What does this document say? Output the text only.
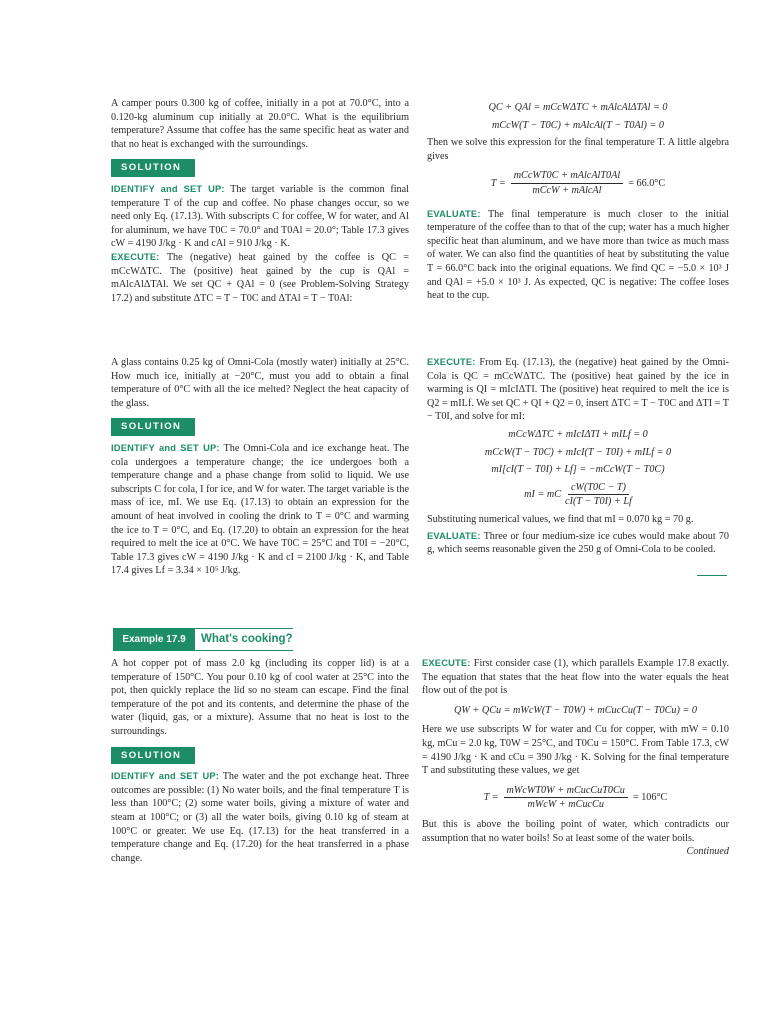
A camper pours 0.300 kg of coffee, initially in a pot at 70.0°C, into a 0.120-kg aluminum cup initially at 20.0°C. What is the equilibrium temperature? Assume that coffee has the same specific heat as water and that no heat is exchanged with the surroundings.

SOLUTION

IDENTIFY and SET UP: The target variable is the common final temperature T of the cup and coffee. No phase changes occur, so we need only Eq. (17.13). With subscripts C for coffee, W for water, and Al for aluminum, we have T0C = 70.0° and T0Al = 20.0°; Table 17.3 gives cW = 4190 J/kg · K and cAl = 910 J/kg · K.

EXECUTE: The (negative) heat gained by the coffee is QC = mCcWΔTC. The (positive) heat gained by the cup is QAl = mAlcAlΔTAl. We set QC + QAl = 0 (see Problem-Solving Strategy 17.2) and substitute ΔTC = T − T0C and ΔTAl = T − T0Al:

QC + QAl = mCcWΔTC + mAlcAlΔTAl = 0
mCcW(T − T0C) + mAlcAl(T − T0Al) = 0

Then we solve this expression for the final temperature T. A little algebra gives

T =
mCcWT0C + mAlcAlT0Al
mCcW + mAlcAl
= 66.0°C

EVALUATE: The final temperature is much closer to the initial temperature of the coffee than to that of the cup; water has a much higher specific heat than aluminum, and we have more than twice as much mass of water. We can also find the quantities of heat by substituting the value T = 66.0°C back into the original equations. We find QC = −5.0 × 10³ J and QAl = +5.0 × 10³ J. As expected, QC is negative: The coffee loses heat to the cup.

A glass contains 0.25 kg of Omni-Cola (mostly water) initially at 25°C. How much ice, initially at −20°C, must you add to obtain a final temperature of 0°C with all the ice melted? Neglect the heat capacity of the glass.

SOLUTION

IDENTIFY and SET UP: The Omni-Cola and ice exchange heat. The cola undergoes a temperature change; the ice undergoes both a temperature change and a phase change from solid to liquid. We use subscripts C for cola, I for ice, and W for water. The target variable is the mass of ice, mI. We use Eq. (17.13) to obtain an expression for the amount of heat involved in cooling the drink to T = 0°C and warming the ice to T = 0°C, and Eq. (17.20) to obtain an expression for the heat required to melt the ice at 0°C. We have T0C = 25°C and T0I = −20°C, Table 17.3 gives cW = 4190 J/kg · K and cI = 2100 J/kg · K, and Table 17.4 gives Lf = 3.34 × 10⁵ J/kg.

EXECUTE: From Eq. (17.13), the (negative) heat gained by the Omni-Cola is QC = mCcWΔTC. The (positive) heat gained by the ice in warming is QI = mIcIΔTI. The (positive) heat required to melt the ice is Q2 = mILf. We set QC + QI + Q2 = 0, insert ΔTC = T − T0C and ΔTI = T − T0I, and solve for mI:

mCcWΔTC + mIcIΔTI + mILf = 0
mCcW(T − T0C) + mIcI(T − T0I) + mILf = 0
mI[cI(T − T0I) + Lf] = −mCcW(T − T0C)
mI = mC $\frac{cW(T0C - T)}{cI(T - T0I) + Lf}$

Substituting numerical values, we find that mI = 0.070 kg = 70 g.

EVALUATE: Three or four medium-size ice cubes would make about 70 g, which seems reasonable given the 250 g of Omni-Cola to be cooled.

Example 17.9	What's cooking?

A hot copper pot of mass 2.0 kg (including its copper lid) is at a temperature of 150°C. You pour 0.10 kg of cool water at 25°C into the pot, then quickly replace the lid so no steam can escape. Find the final temperature of the pot and its contents, and determine the phase of the water (liquid, gas, or a mixture). Assume that no heat is lost to the surroundings.

SOLUTION

IDENTIFY and SET UP: The water and the pot exchange heat. Three outcomes are possible: (1) No water boils, and the final temperature T is less than 100°C; (2) some water boils, giving a mixture of water and steam at 100°C; or (3) all the water boils, giving 0.10 kg of steam at 100°C or greater. We use Eq. (17.13) for the heat transferred in a temperature change and Eq. (17.20) for the heat transferred in a phase change.

EXECUTE: First consider case (1), which parallels Example 17.8 exactly. The equation that states that the heat flow into the water equals the heat flow out of the pot is

QW + QCu = mWcW(T − T0W) + mCucCu(T − T0Cu) = 0

Here we use subscripts W for water and Cu for copper, with mW = 0.10 kg, mCu = 2.0 kg, T0W = 25°C, and T0Cu = 150°C. From Table 17.3, cW = 4190 J/kg · K and cCu = 390 J/kg · K. Solving for the final temperature T and substituting these values, we get

T =
mWcWT0W + mCucCuT0Cu
mWcW + mCucCu
= 106°C

But this is above the boiling point of water, which contradicts our assumption that no water boils! So at least some of the water boils.

Continued
